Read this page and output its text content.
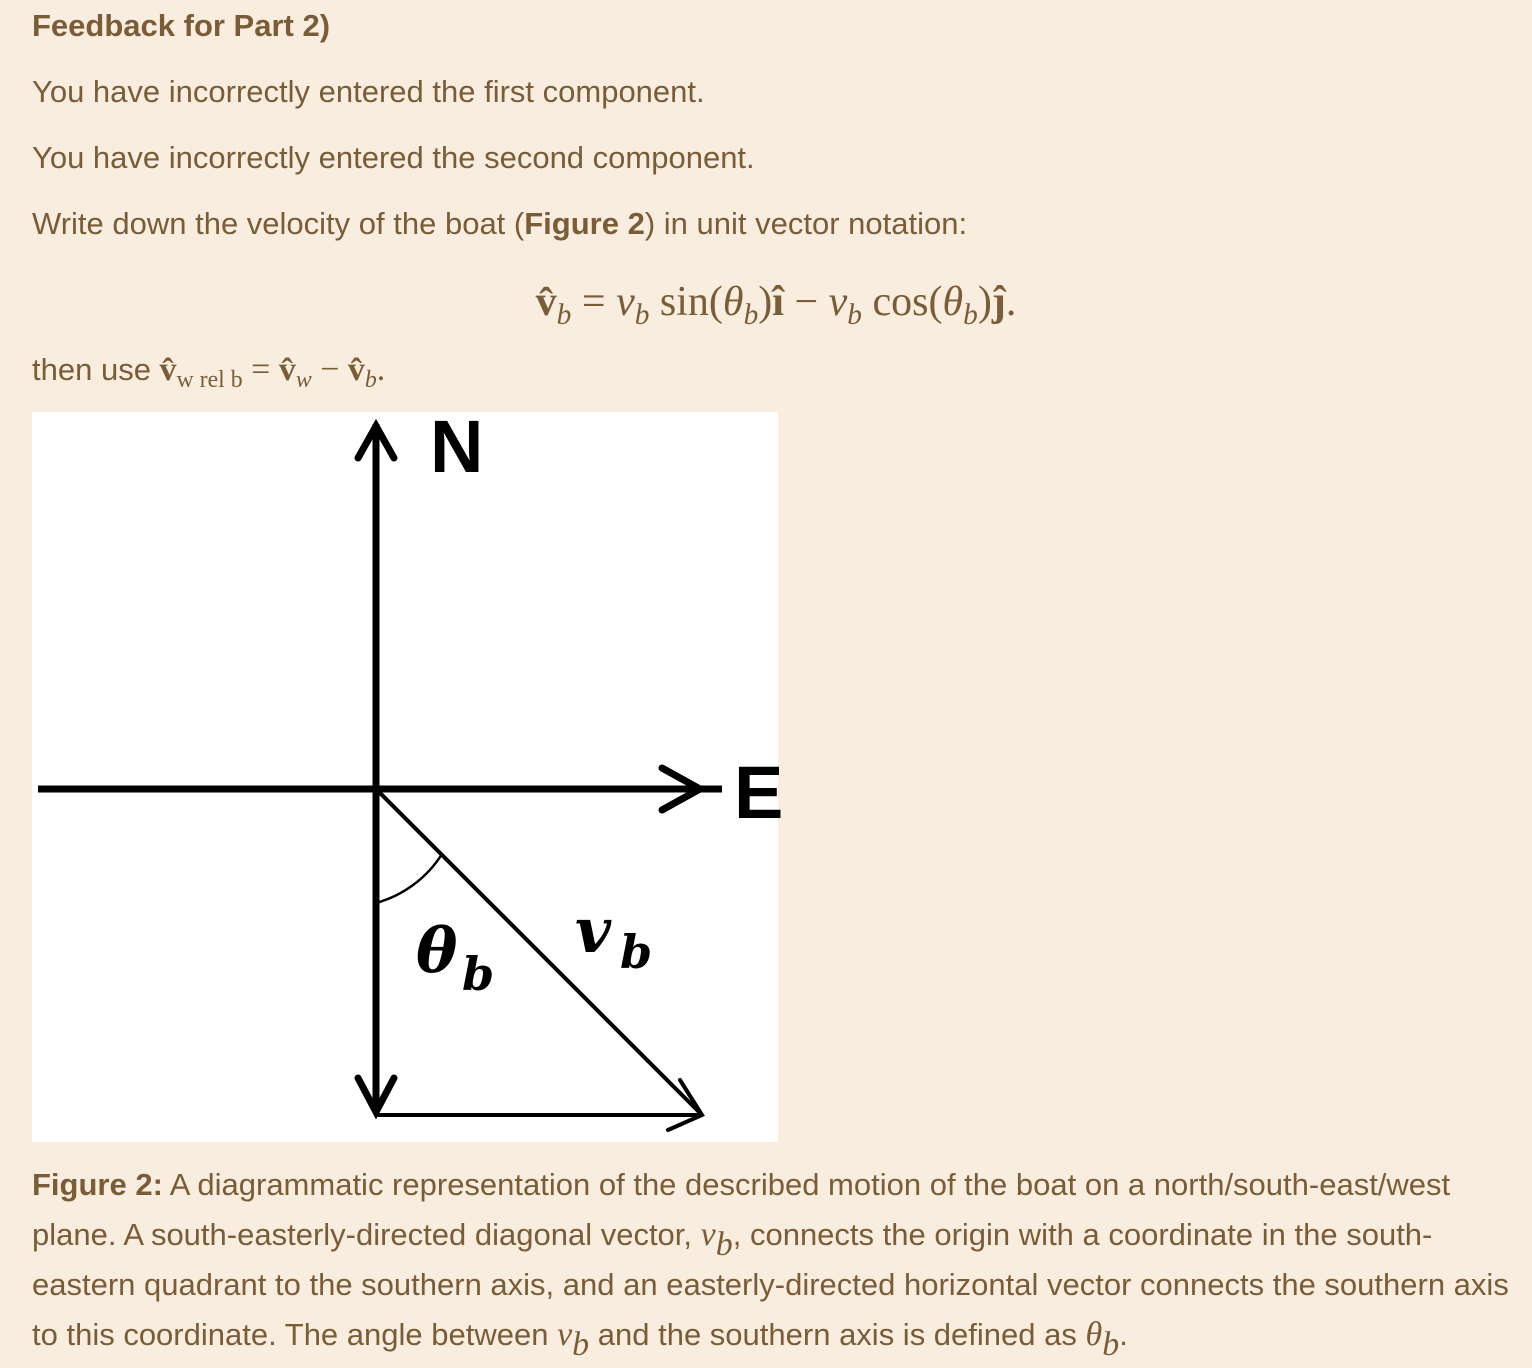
Feedback for Part 2)
You have incorrectly entered the first component.
You have incorrectly entered the second component.
Write down the velocity of the boat (Figure 2) in unit vector notation:
$v̂_b = v_b$ $\sin(\theta_b)î - v_b$ $\cos(\theta_b)ĵ$.
then use $v̂_{w rel b}$ = $v̂_w$ − $v̂_b$.
N
E
θ b
v b
Figure 2: A diagrammatic representation of the described motion of the boat on a north/south-east/west plane. A south-easterly-directed diagonal vector, $v_b$, connects the origin with a coordinate in the south-eastern quadrant to the southern axis, and an easterly-directed horizontal vector connects the southern axis to this coordinate. The angle between $v_b$ and the southern axis is defined as $\theta_b$.
